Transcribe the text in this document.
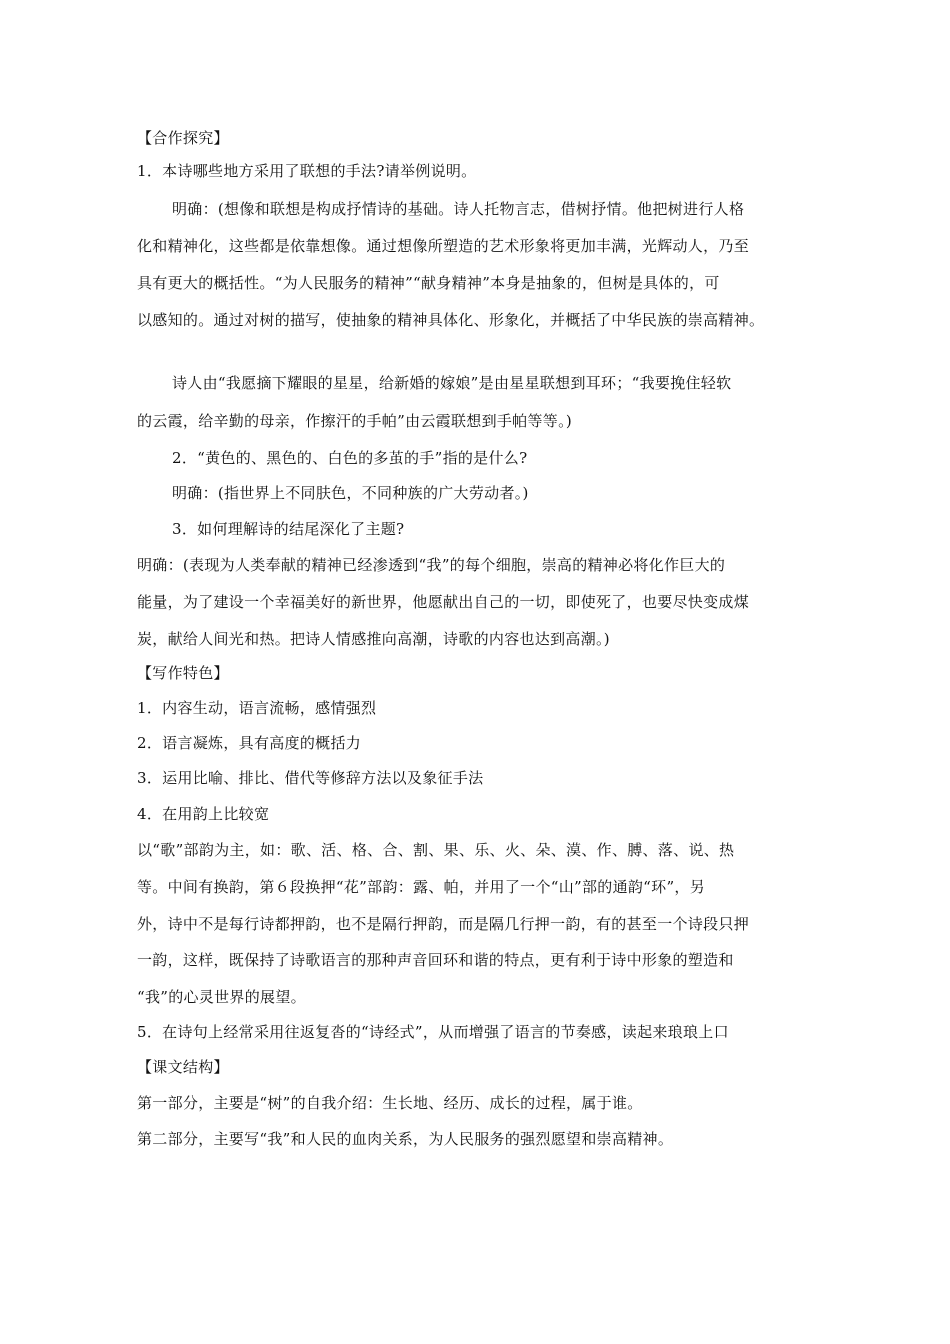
【合作探究】
1．本诗哪些地方采用了联想的手法?请举例说明。
明确：(想像和联想是构成抒情诗的基础。诗人托物言志，借树抒情。他把树进行人格
化和精神化，这些都是依靠想像。通过想像所塑造的艺术形象将更加丰满，光辉动人，乃至
具有更大的概括性。“为人民服务的精神”“献身精神”本身是抽象的，但树是具体的，可
以感知的。通过对树的描写，使抽象的精神具体化、形象化，并概括了中华民族的崇高精神。
诗人由“我愿摘下耀眼的星星，给新婚的嫁娘”是由星星联想到耳环；“我要挽住轻软
的云霞，给辛勤的母亲，作擦汗的手帕”由云霞联想到手帕等等。)
2．“黄色的、黑色的、白色的多茧的手”指的是什么?
明确：(指世界上不同肤色，不同种族的广大劳动者。)
3．如何理解诗的结尾深化了主题?
明确：(表现为人类奉献的精神已经渗透到“我”的每个细胞，崇高的精神必将化作巨大的
能量，为了建设一个幸福美好的新世界，他愿献出自己的一切，即使死了，也要尽快变成煤
炭，献给人间光和热。把诗人情感推向高潮，诗歌的内容也达到高潮。)
【写作特色】
1．内容生动，语言流畅，感情强烈
2．语言凝炼，具有高度的概括力
3．运用比喻、排比、借代等修辞方法以及象征手法
4．在用韵上比较宽
以“歌”部韵为主，如：歌、活、格、合、割、果、乐、火、朵、漠、作、膊、落、说、热
等。中间有换韵，第６段换押“花”部韵：露、帕，并用了一个“山”部的通韵“环”，另
外，诗中不是每行诗都押韵，也不是隔行押韵，而是隔几行押一韵，有的甚至一个诗段只押
一韵，这样，既保持了诗歌语言的那种声音回环和谐的特点，更有利于诗中形象的塑造和
“我”的心灵世界的展望。
5．在诗句上经常采用往返复沓的“诗经式”，从而增强了语言的节奏感，读起来琅琅上口
【课文结构】
第一部分，主要是“树”的自我介绍：生长地、经历、成长的过程，属于谁。
第二部分，主要写“我”和人民的血肉关系，为人民服务的强烈愿望和崇高精神。
